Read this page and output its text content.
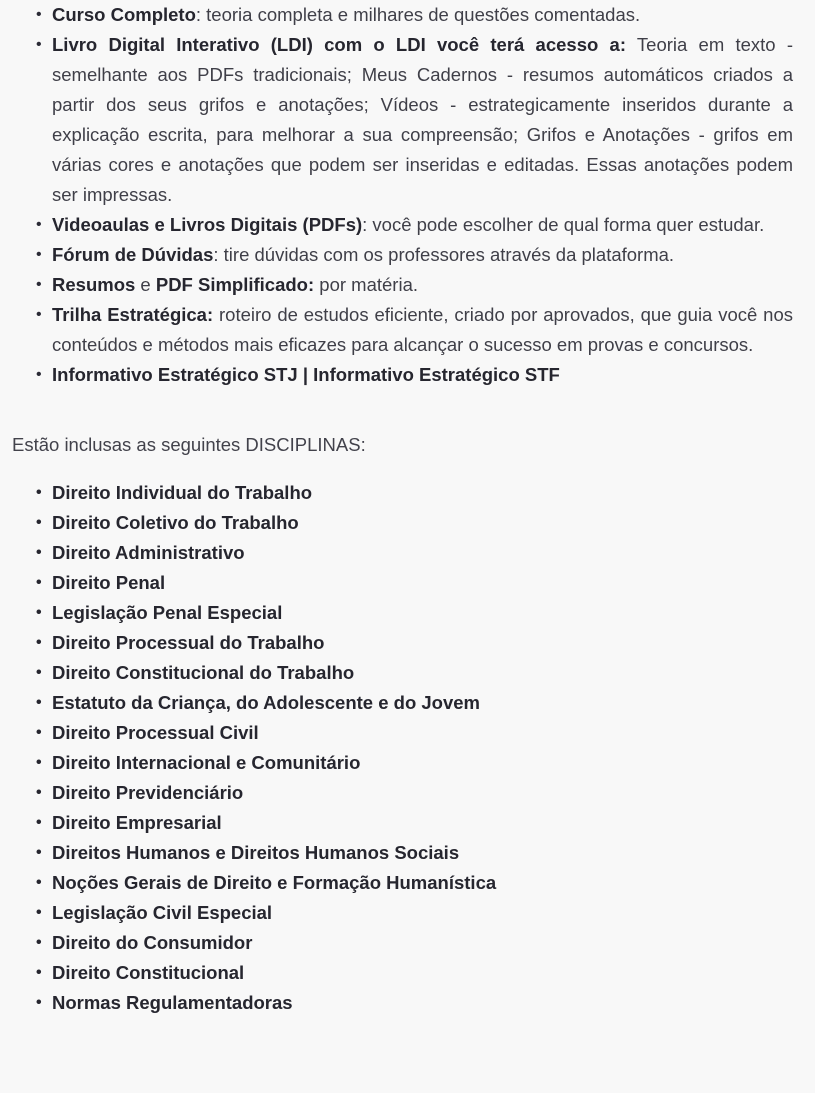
• Curso Completo: teoria completa e milhares de questões comentadas.
• Livro Digital Interativo (LDI) com o LDI você terá acesso a: Teoria em texto - semelhante aos PDFs tradicionais; Meus Cadernos - resumos automáticos criados a partir dos seus grifos e anotações; Vídeos - estrategicamente inseridos durante a explicação escrita, para melhorar a sua compreensão; Grifos e Anotações - grifos em várias cores e anotações que podem ser inseridas e editadas. Essas anotações podem ser impressas.
• Videoaulas e Livros Digitais (PDFs): você pode escolher de qual forma quer estudar.
• Fórum de Dúvidas: tire dúvidas com os professores através da plataforma.
• Resumos e PDF Simplificado: por matéria.
• Trilha Estratégica: roteiro de estudos eficiente, criado por aprovados, que guia você nos conteúdos e métodos mais eficazes para alcançar o sucesso em provas e concursos.
• Informativo Estratégico STJ | Informativo Estratégico STF

Estão inclusas as seguintes DISCIPLINAS:

• Direito Individual do Trabalho
• Direito Coletivo do Trabalho
• Direito Administrativo
• Direito Penal
• Legislação Penal Especial
• Direito Processual do Trabalho
• Direito Constitucional do Trabalho
• Estatuto da Criança, do Adolescente e do Jovem
• Direito Processual Civil
• Direito Internacional e Comunitário
• Direito Previdenciário
• Direito Empresarial
• Direitos Humanos e Direitos Humanos Sociais
• Noções Gerais de Direito e Formação Humanística
• Legislação Civil Especial
• Direito do Consumidor
• Direito Constitucional
• Normas Regulamentadoras
